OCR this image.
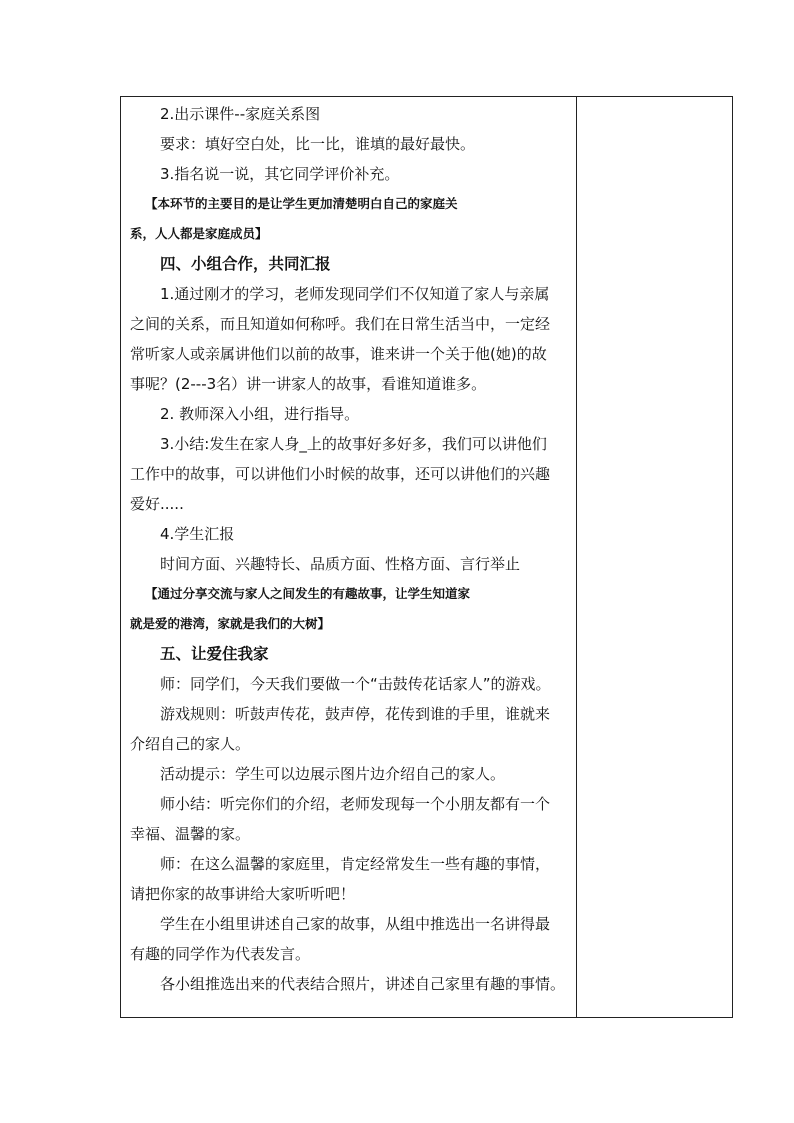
2.出示课件--家庭关系图
要求：填好空白处，比一比，谁填的最好最快。
3.指名说一说，其它同学评价补充。
【本环节的主要目的是让学生更加清楚明白自己的家庭关
系，人人都是家庭成员】
四、小组合作，共同汇报
1.通过刚才的学习，老师发现同学们不仅知道了家人与亲属
之间的关系，而且知道如何称呼。我们在日常生活当中，一定经
常听家人或亲属讲他们以前的故事，谁来讲一个关于他(她)的故
事呢？(2---3名）讲一讲家人的故事，看谁知道谁多。
2. 教师深入小组，进行指导。
3.小结:发生在家人身_上的故事好多好多，我们可以讲他们
工作中的故事，可以讲他们小时候的故事，还可以讲他们的兴趣
爱好.....
4.学生汇报
时间方面、兴趣特长、品质方面、性格方面、言行举止
【通过分享交流与家人之间发生的有趣故事，让学生知道家
就是爱的港湾，家就是我们的大树】
五、让爱住我家
师：同学们，今天我们要做一个“击鼓传花话家人”的游戏。
游戏规则：听鼓声传花，鼓声停，花传到谁的手里，谁就来
介绍自己的家人。
活动提示：学生可以边展示图片边介绍自己的家人。
师小结：听完你们的介绍，老师发现每一个小朋友都有一个
幸福、温馨的家。
师：在这么温馨的家庭里，肯定经常发生一些有趣的事情，
请把你家的故事讲给大家听听吧！
学生在小组里讲述自己家的故事，从组中推选出一名讲得最
有趣的同学作为代表发言。
各小组推选出来的代表结合照片，讲述自己家里有趣的事情。
